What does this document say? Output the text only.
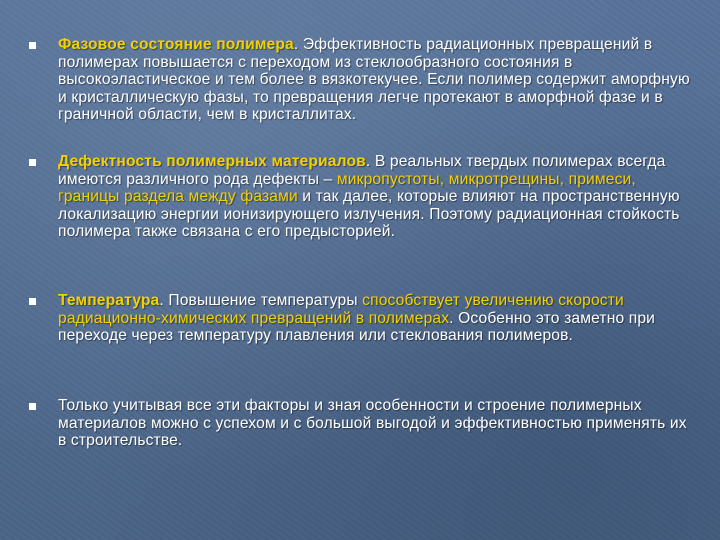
Фазовое состояние полимера. Эффективность радиационных превращений в полимерах повышается с переходом из стеклообразного состояния в высокоэластическое и тем более в вязкотекучее. Если полимер содержит аморфную и кристаллическую фазы, то превращения легче протекают в аморфной фазе и в граничной области, чем в кристаллитах.
Дефектность полимерных материалов. В реальных твердых полимерах всегда имеются различного рода дефекты – микропустоты, микротрещины, примеси, границы раздела между фазами и так далее, которые влияют на пространственную локализацию энергии ионизирующего излучения. Поэтому радиационная стойкость полимера также связана с его предысторией.
Температура. Повышение температуры способствует увеличению скорости радиационно-химических превращений в полимерах. Особенно это заметно при переходе через температуру плавления или стеклования полимеров.
Только учитывая все эти факторы и зная особенности и строение полимерных материалов можно с успехом и с большой выгодой и эффективностью применять их в строительстве.
